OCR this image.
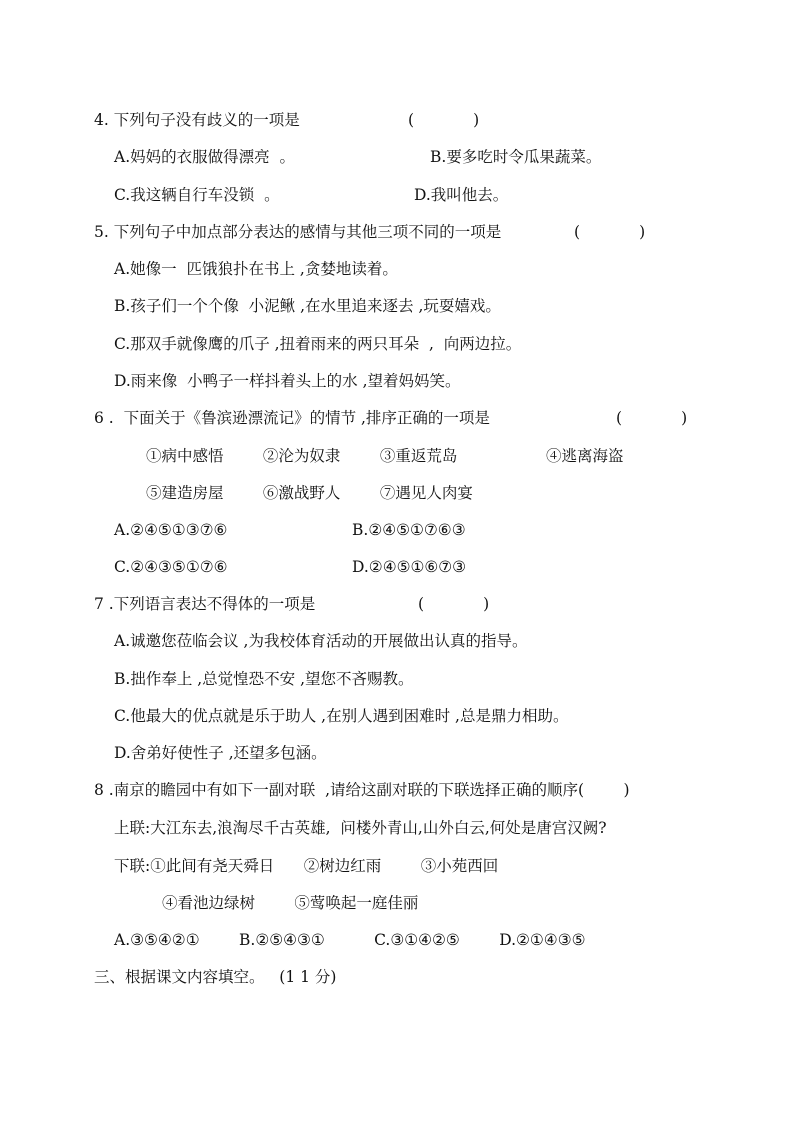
4. 下列句子没有歧义的一项是	(            )
A.妈妈的衣服做得漂亮  。	B.要多吃时令瓜果蔬菜。
C.我这辆自行车没锁  。	D.我叫他去。
5. 下列句子中加点部分表达的感情与其他三项不同的一项是	(            )
A.她像一  匹饿狼扑在书上 ,贪婪地读着。
B.孩子们一个个像  小泥鳅 ,在水里追来逐去 ,玩耍嬉戏。
C.那双手就像鹰的爪子 ,扭着雨来的两只耳朵  ,  向两边拉。
D.雨来像  小鸭子一样抖着头上的水 ,望着妈妈笑。
6 .  下面关于《鲁滨逊漂流记》的情节 ,排序正确的一项是	(            )
①病中感悟        ②沦为奴隶        ③重返荒岛                  ④逃离海盗
⑤建造房屋        ⑥激战野人        ⑦遇见人肉宴
A.②④⑤①③⑦⑥	B.②④⑤①⑦⑥③
C.②④③⑤①⑦⑥	D.②④⑤①⑥⑦③
7 .下列语言表达不得体的一项是	(            )
A.诚邀您莅临会议 ,为我校体育活动的开展做出认真的指导。
B.拙作奉上 ,总觉惶恐不安 ,望您不吝赐教。
C.他最大的优点就是乐于助人 ,在别人遇到困难时 ,总是鼎力相助。
D.舍弟好使性子 ,还望多包涵。
8 .南京的瞻园中有如下一副对联  ,请给这副对联的下联选择正确的顺序(        )
上联:大江东去,浪淘尽千古英雄,  问楼外青山,山外白云,何处是唐宫汉阙?
下联:①此间有尧天舜日      ②树边红雨        ③小苑西回
④看池边绿树        ⑤莺唤起一庭佳丽
A.③⑤④②①        B.②⑤④③①          C.③①④②⑤        D.②①④③⑤
三、根据课文内容填空。   (1 1 分)
